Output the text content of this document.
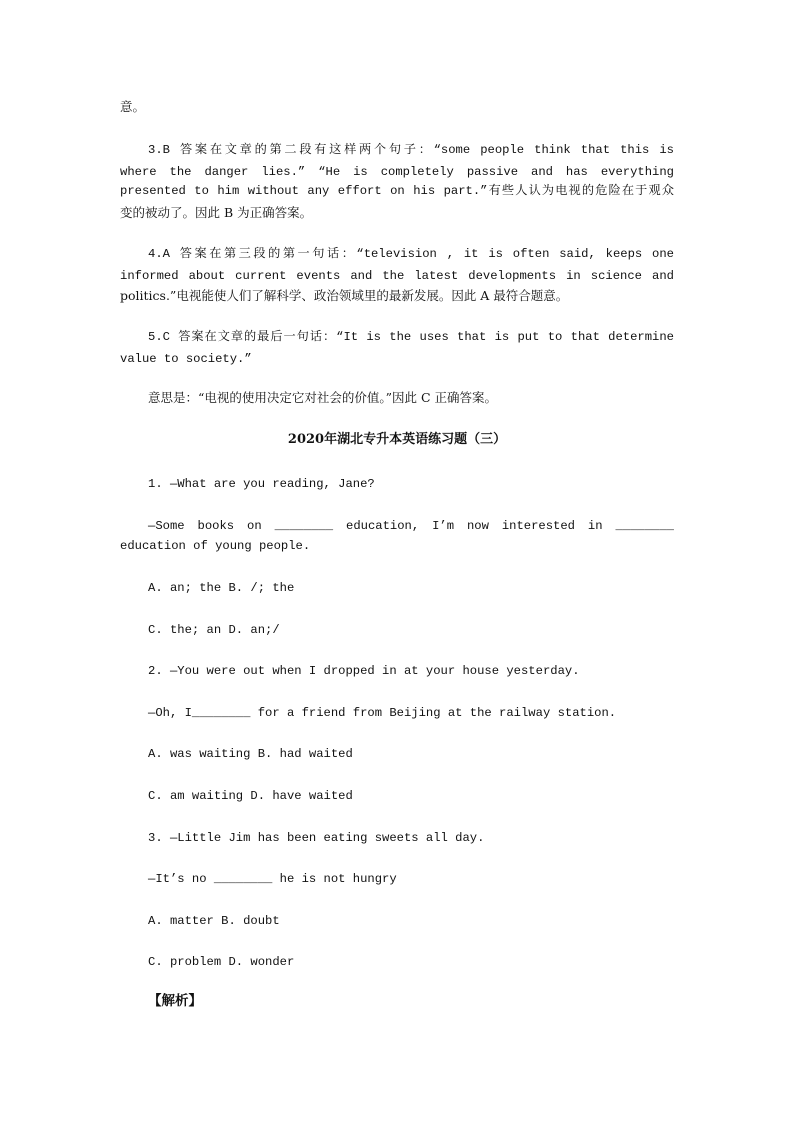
意。
3.B 答案在文章的第二段有这样两个句子：“some people think that this is
where the danger lies.” “He is completely passive and has everything
presented to him without any effort on his part.”有些人认为电视的危险在于观众
变的被动了。因此 B 为正确答案。
4.A 答案在第三段的第一句话：“television , it is often said, keeps one
informed about current events and the latest developments in science and
politics.”电视能使人们了解科学、政治领域里的最新发展。因此 A 最符合题意。
5.C 答案在文章的最后一句话：“It is the uses that is put to that determine
value to society.”
意思是：“电视的使用决定它对社会的价值。”因此 C 正确答案。
2020年湖北专升本英语练习题（三）
1. —What are you reading, Jane?
—Some books on ________ education, I’m now interested in ________
education of young people.
A. an; the B. /; the
C. the; an D. an;/
2. —You were out when I dropped in at your house yesterday.
—Oh, I________ for a friend from Beijing at the railway station.
A. was waiting B. had waited
C. am waiting D. have waited
3. —Little Jim has been eating sweets all day.
—It’s no ________ he is not hungry
A. matter B. doubt
C. problem D. wonder
【解析】
